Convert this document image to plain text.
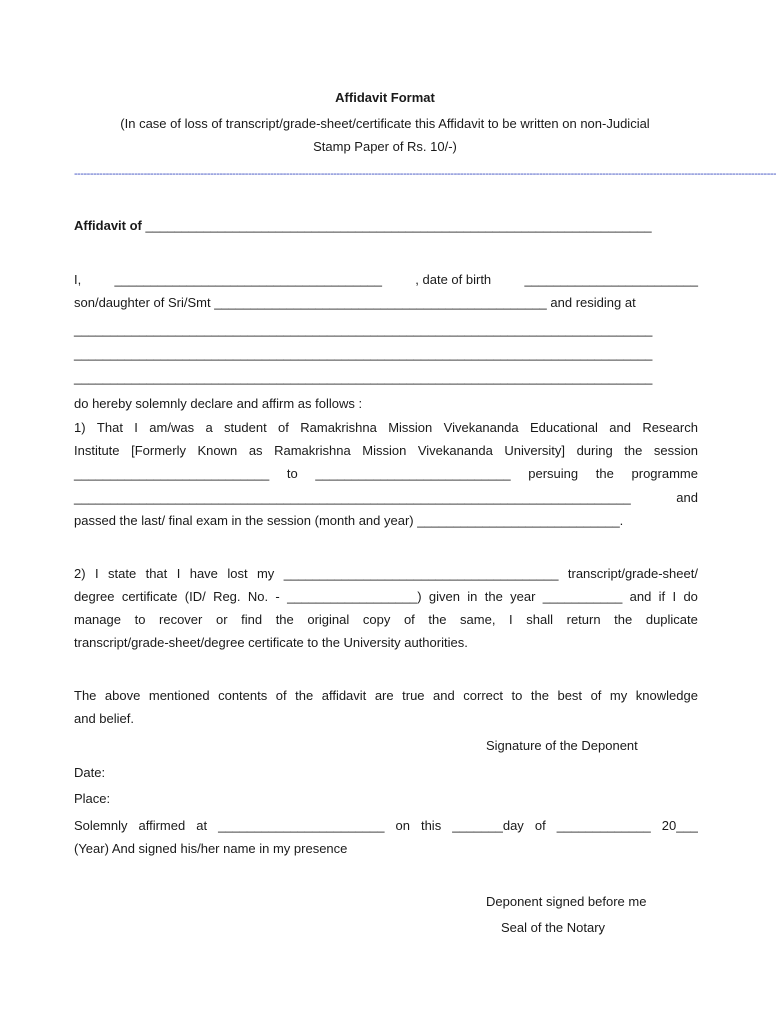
Affidavit Format
(In case of loss of transcript/grade-sheet/certificate this Affidavit to be written on non-Judicial
Stamp Paper of Rs. 10/-)
------------------------------------------------------------------------------------------------------------------------------------------------------------------------------------------------------------------------------
Affidavit of ______________________________________________________________________
I,	_____________________________________	, date of birth	________________________
son/daughter of Sri/Smt ______________________________________________ and residing at
________________________________________________________________________________
________________________________________________________________________________
________________________________________________________________________________
do hereby solemnly declare and affirm as follows :
1) That I am/was a student of Ramakrishna Mission Vivekananda Educational and Research
Institute [Formerly Known as Ramakrishna Mission Vivekananda University] during the session
___________________________ to ___________________________ persuing the programme
_____________________________________________________________________________	and
passed the last/ final exam in the session (month and year) ____________________________.
2) I state that I have lost my ______________________________________ transcript/grade-sheet/
degree certificate (ID/ Reg. No. - __________________) given in the year ___________ and if I do
manage to recover or find the original copy of the same, I shall return the duplicate
transcript/grade-sheet/degree certificate to the University authorities.
The above mentioned contents of the affidavit are true and correct to the best of my knowledge
and belief.
Signature of the Deponent
Date:
Place:
Solemnly affirmed at _______________________ on this _______day of _____________ 20___
(Year) And signed his/her name in my presence
Deponent signed before me
Seal of the Notary
